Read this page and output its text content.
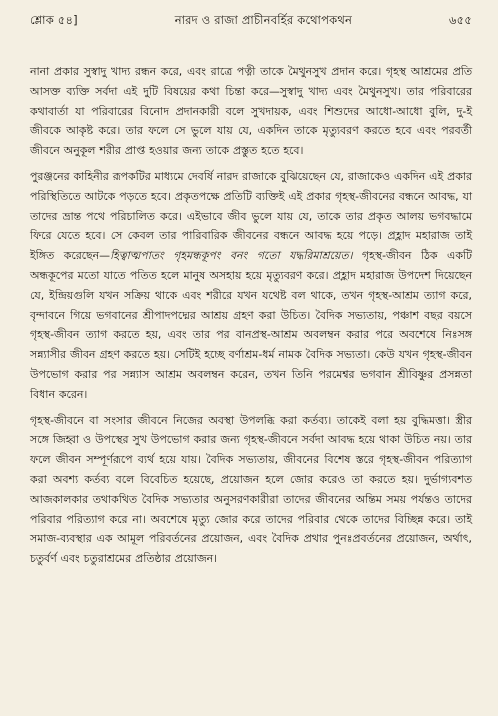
শ্লোক ৫৪]	নারদ ও রাজা প্রাচীনবর্হির কথোপকথন	৬৫৫

নানা প্রকার সুস্বাদু খাদ্য রন্ধন করে, এবং রাত্রে পত্নী তাকে মৈথুনসুখ প্রদান করে। গৃহস্থ আশ্রমের প্রতি আসক্ত ব্যক্তি সর্বদা এই দুটি বিষয়ের কথা চিন্তা করে—সুস্বাদু খাদ্য এবং মৈথুনসুখ। তার পরিবারের কথাবার্তা যা পরিবারের বিনোদ প্রদানকারী বলে সুখদায়ক, এবং শিশুদের আধো-আধো বুলি, দু-ই জীবকে আকৃষ্ট করে। তার ফলে সে ভুলে যায় যে, একদিন তাকে মৃত্যুবরণ করতে হবে এবং পরবর্তী জীবনে অনুকূল শরীর প্রাপ্ত হওয়ার জন্য তাকে প্রস্তুত হতে হবে।

পুরঞ্জনের কাহিনীর রূপকটির মাধ্যমে দেবর্ষি নারদ রাজাকে বুঝিয়েছেন যে, রাজাকেও একদিন এই প্রকার পরিস্থিতিতে আটকে পড়তে হবে। প্রকৃতপক্ষে প্রতিটি ব্যক্তিই এই প্রকার গৃহস্থ-জীবনের বন্ধনে আবদ্ধ, যা তাদের ভ্রান্ত পথে পরিচালিত করে। এইভাবে জীব ভুলে যায় যে, তাকে তার প্রকৃত আলয় ভগবদ্ধামে ফিরে যেতে হবে। সে কেবল তার পারিবারিক জীবনের বন্ধনে আবদ্ধ হয়ে পড়ে। প্রহ্লাদ মহারাজ তাই ইঙ্গিত করেছেন—হিত্বাত্মপাতং গৃহমন্ধকূপং বনং গতো যদ্ধরিমাশ্রয়েত। গৃহস্থ-জীবন ঠিক একটি অন্ধকূপের মতো যাতে পতিত হলে মানুষ অসহায় হয়ে মৃত্যুবরণ করে। প্রহ্লাদ মহারাজ উপদেশ দিয়েছেন যে, ইন্দ্রিয়গুলি যখন সক্রিয় থাকে এবং শরীরে যখন যথেষ্ট বল থাকে, তখন গৃহস্থ-আশ্রম ত্যাগ করে, বৃন্দাবনে গিয়ে ভগবানের শ্রীপাদপদ্মের আশ্রয় গ্রহণ করা উচিত। বৈদিক সভ্যতায়, পঞ্চাশ বছর বয়সে গৃহস্থ-জীবন ত্যাগ করতে হয়, এবং তার পর বানপ্রস্থ-আশ্রম অবলম্বন করার পরে অবশেষে নিঃসঙ্গ সন্ন্যাসীর জীবন গ্রহণ করতে হয়। সেটিই হচ্ছে বর্ণাশ্রম-ধর্ম নামক বৈদিক সভ্যতা। কেউ যখন গৃহস্থ-জীবন উপভোগ করার পর সন্ন্যাস আশ্রম অবলম্বন করেন, তখন তিনি পরমেশ্বর ভগবান শ্রীবিষ্ণুর প্রসন্নতা বিধান করেন।

গৃহস্থ-জীবনে বা সংসার জীবনে নিজের অবস্থা উপলব্ধি করা কর্তব্য। তাকেই বলা হয় বুদ্ধিমত্তা। স্ত্রীর সঙ্গে জিহ্বা ও উপস্থের সুখ উপভোগ করার জন্য গৃহস্থ-জীবনে সর্বদা আবদ্ধ হয়ে থাকা উচিত নয়। তার ফলে জীবন সম্পূর্ণরূপে ব্যর্থ হয়ে যায়। বৈদিক সভ্যতায়, জীবনের বিশেষ স্তরে গৃহস্থ-জীবন পরিত্যাগ করা অবশ্য কর্তব্য বলে বিবেচিত হয়েছে, প্রয়োজন হলে জোর করেও তা করতে হয়। দুর্ভাগ্যবশত আজকালকার তথাকথিত বৈদিক সভ্যতার অনুসরণকারীরা তাদের জীবনের অন্তিম সময় পর্যন্তও তাদের পরিবার পরিত্যাগ করে না। অবশেষে মৃত্যু জোর করে তাদের পরিবার থেকে তাদের বিচ্ছিন্ন করে। তাই সমাজ-ব্যবস্থার এক আমূল পরিবর্তনের প্রয়োজন, এবং বৈদিক প্রথার পুনঃপ্রবর্তনের প্রয়োজন, অর্থাৎ, চতুর্বর্ণ এবং চতুরাশ্রমের প্রতিষ্ঠার প্রয়োজন।
